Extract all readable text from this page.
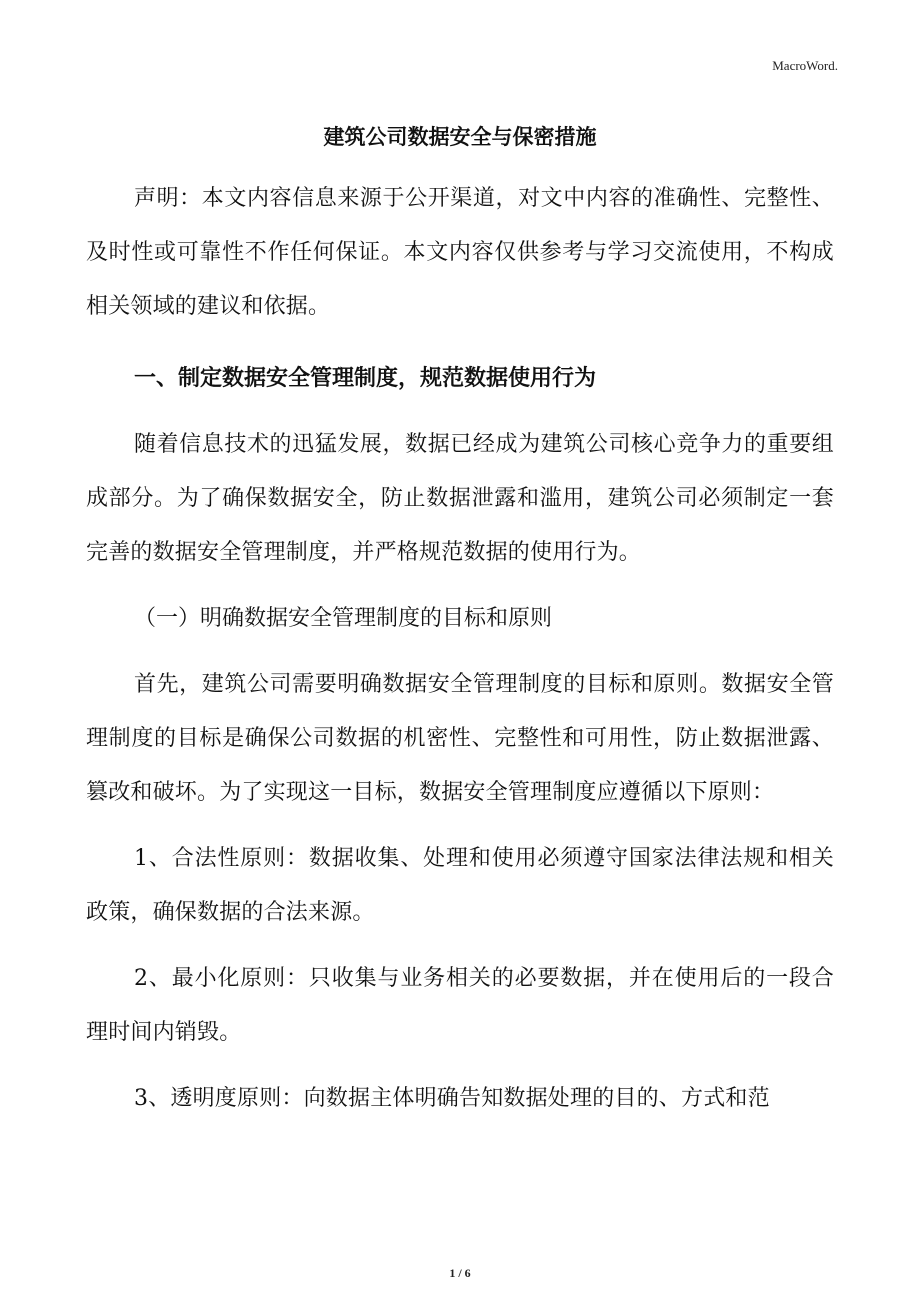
MacroWord.
建筑公司数据安全与保密措施

声明：本文内容信息来源于公开渠道，对文中内容的准确性、完整性、及时性或可靠性不作任何保证。本文内容仅供参考与学习交流使用，不构成相关领域的建议和依据。

一、制定数据安全管理制度，规范数据使用行为

随着信息技术的迅猛发展，数据已经成为建筑公司核心竞争力的重要组成部分。为了确保数据安全，防止数据泄露和滥用，建筑公司必须制定一套完善的数据安全管理制度，并严格规范数据的使用行为。

（一）明确数据安全管理制度的目标和原则

首先，建筑公司需要明确数据安全管理制度的目标和原则。数据安全管理制度的目标是确保公司数据的机密性、完整性和可用性，防止数据泄露、篡改和破坏。为了实现这一目标，数据安全管理制度应遵循以下原则：

1、合法性原则：数据收集、处理和使用必须遵守国家法律法规和相关政策，确保数据的合法来源。

2、最小化原则：只收集与业务相关的必要数据，并在使用后的一段合理时间内销毁。

3、透明度原则：向数据主体明确告知数据处理的目的、方式和范

1 / 6
